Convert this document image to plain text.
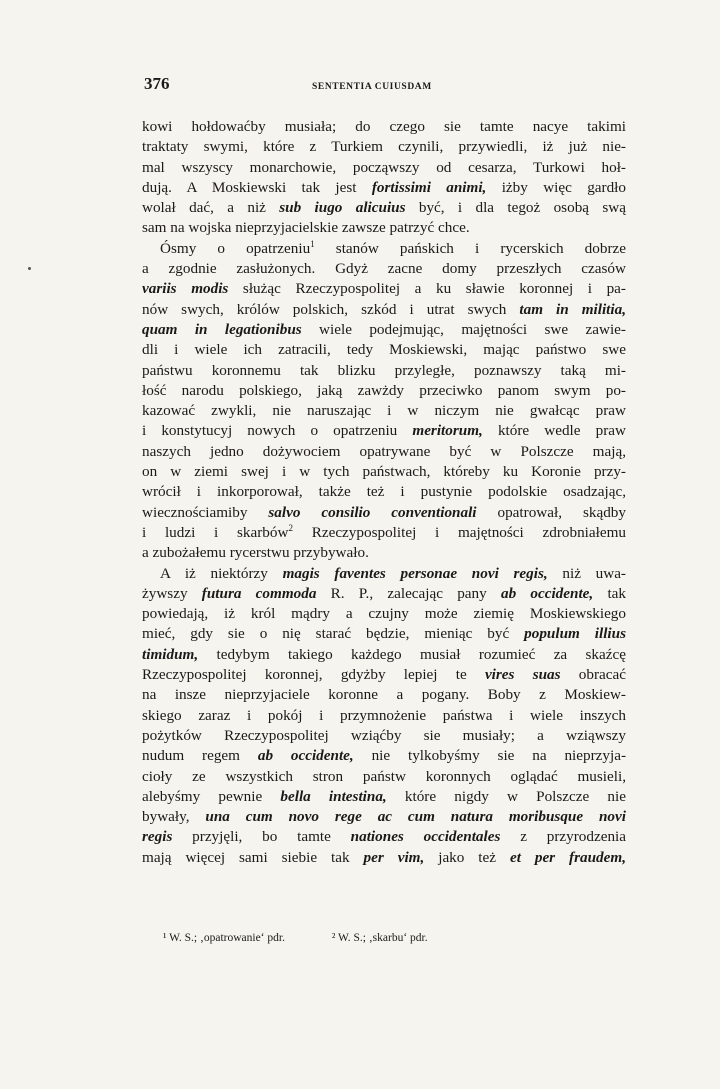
376	SENTENTIA CUIUSDAM
kowi hołdowaćby musiała; do czego sie tamte nacye takimi
traktaty swymi, które z Turkiem czynili, przywiedli, iż już nie-
mal wszyscy monarchowie, począwszy od cesarza, Turkowi hoł-
dują. A Moskiewski tak jest fortissimi animi, iżby więc gardło
wolał dać, a niż sub iugo alicuius być, i dla tegoż osobą swą
sam na wojska nieprzyjacielskie zawsze patrzyć chce.
Ósmy o opatrzeniu$^1$ stanów pańskich i rycerskich dobrze
a zgodnie zasłużonych. Gdyż zacne domy przeszłych czasów
variis modis służąc Rzeczypospolitej a ku sławie koronnej i pa-
nów swych, królów polskich, szkód i utrat swych tam in militia,
quam in legationibus wiele podejmując, majętności swe zawie-
dli i wiele ich zatracili, tedy Moskiewski, mając państwo swe
państwu koronnemu tak blizku przyległe, poznawszy taką mi-
łość narodu polskiego, jaką zawżdy przeciwko panom swym po-
kazować zwykli, nie naruszając i w niczym nie gwałcąc praw
i konstytucyj nowych o opatrzeniu meritorum, które wedle praw
naszych jedno dożywociem opatrywane być w Polszcze mają,
on w ziemi swej i w tych państwach, któreby ku Koronie przy-
wrócił i inkorporował, także też i pustynie podolskie osadzając,
wiecznościamiby salvo consilio conventionali opatrował, skądby
i ludzi i skarbów$^2$ Rzeczypospolitej i majętności zdrobniałemu
a zubożałemu rycerstwu przybywało.
A iż niektórzy magis faventes personae novi regis, niż uwa-
żywszy futura commoda R. P., zalecając pany ab occidente, tak
powiedają, iż król mądry a czujny może ziemię Moskiewskiego
mieć, gdy sie o nię starać będzie, mieniąc być populum illius
timidum, tedybym takiego każdego musiał rozumieć za skaźcę
Rzeczypospolitej koronnej, gdyżby lepiej te vires suas obracać
na insze nieprzyjaciele koronne a pogany. Boby z Moskiew-
skiego zaraz i pokój i przymnożenie państwa i wiele inszych
pożytków Rzeczypospolitej wziąćby sie musiały; a wziąwszy
nudum regem ab occidente, nie tylkobyśmy sie na nieprzyja-
cioły ze wszystkich stron państw koronnych oglądać musieli,
alebyśmy pewnie bella intestina, które nigdy w Polszcze nie
bywały, una cum novo rege ac cum natura moribusque novi
regis przyjęli, bo tamte nationes occidentales z przyrodzenia
mają więcej sami siebie tak per vim, jako też et per fraudem,
¹ W. S.; ‚opatrowanie‘ pdr.	² W. S.; ‚skarbu‘ pdr.
